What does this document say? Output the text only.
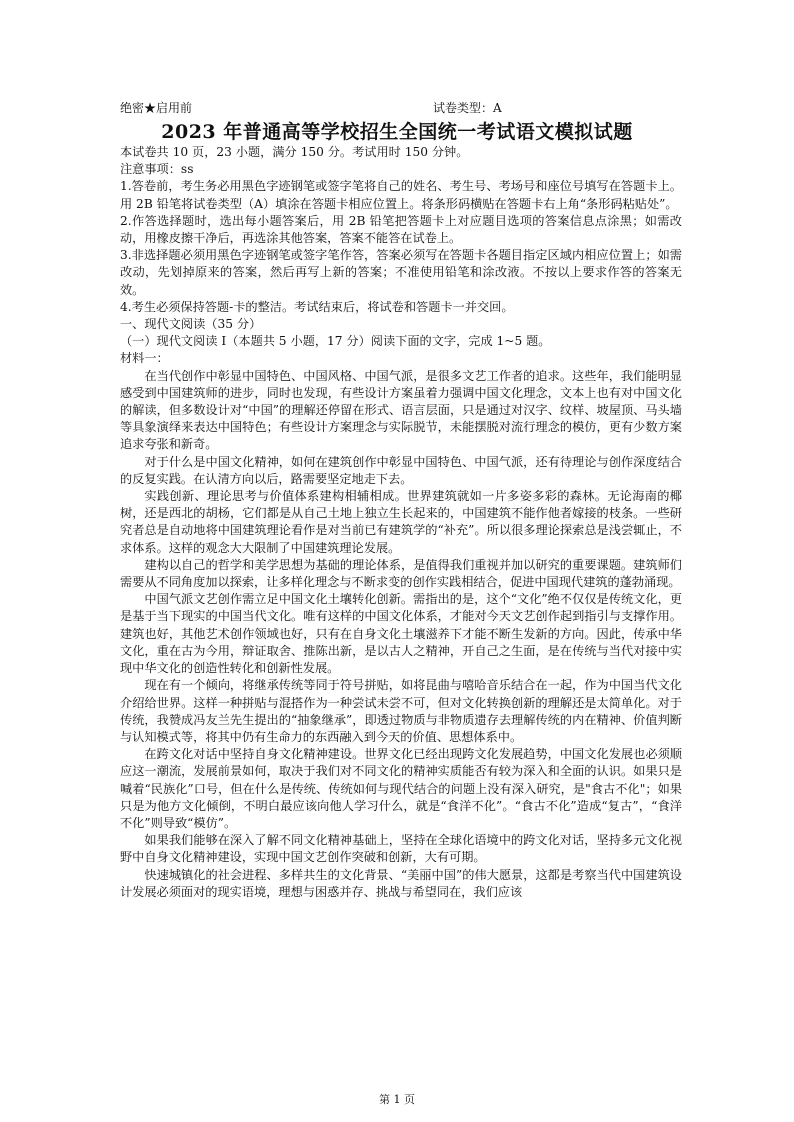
绝密★启用前	试卷类型：A
2023 年普通高等学校招生全国统一考试语文模拟试题

本试卷共 10 页，23 小题，满分 150 分。考试用时 150 分钟。

注意事项：ss

1.答卷前，考生务必用黑色字迹钢笔或签字笔将自己的姓名、考生号、考场号和座位号填写在答题卡上。用 2B 铅笔将试卷类型（A）填涂在答题卡相应位置上。将条形码横贴在答题卡右上角“条形码粘贴处”。

2.作答选择题时，选出每小题答案后，用 2B 铅笔把答题卡上对应题目选项的答案信息点涂黑；如需改动，用橡皮擦干净后，再选涂其他答案，答案不能答在试卷上。

3.非选择题必须用黑色字迹钢笔或签字笔作答，答案必须写在答题卡各题目指定区域内相应位置上；如需改动，先划掉原来的答案，然后再写上新的答案；不准使用铅笔和涂改液。不按以上要求作答的答案无效。

4.考生必须保持答题-卡的整洁。考试结束后，将试卷和答题卡一并交回。

一、现代文阅读（35 分）

（一）现代文阅读 I（本题共 5 小题，17 分）阅读下面的文字，完成 1~5 题。

材料一：

在当代创作中彰显中国特色、中国风格、中国气派，是很多文艺工作者的追求。这些年，我们能明显感受到中国建筑师的进步，同时也发现，有些设计方案虽着力强调中国文化理念，文本上也有对中国文化的解读，但多数设计对“中国”的理解还停留在形式、语言层面，只是通过对汉字、纹样、坡屋顶、马头墙等具象演绎来表达中国特色；有些设计方案理念与实际脱节，未能摆脱对流行理念的模仿，更有少数方案追求夸张和新奇。

对于什么是中国文化精神，如何在建筑创作中彰显中国特色、中国气派，还有待理论与创作深度结合的反复实践。在认清方向以后，路需要坚定地走下去。

实践创新、理论思考与价值体系建构相辅相成。世界建筑就如一片多姿多彩的森林。无论海南的椰树，还是西北的胡杨，它们都是从自己土地上独立生长起来的，中国建筑不能作他者嫁接的枝条。一些研究者总是自动地将中国建筑理论看作是对当前已有建筑学的“补充”。所以很多理论探索总是浅尝辄止，不求体系。这样的观念大大限制了中国建筑理论发展。

建构以自己的哲学和美学思想为基础的理论体系，是值得我们重视并加以研究的重要课题。建筑师们需要从不同角度加以探索，让多样化理念与不断求变的创作实践相结合，促进中国现代建筑的蓬勃涌现。

中国气派文艺创作需立足中国文化土壤转化创新。需指出的是，这个“文化”绝不仅仅是传统文化，更是基于当下现实的中国当代文化。唯有这样的中国文化体系，才能对今天文艺创作起到指引与支撑作用。建筑也好，其他艺术创作领域也好，只有在自身文化土壤滋养下才能不断生发新的方向。因此，传承中华文化，重在古为今用，辩证取舍、推陈出新，是以古人之精神，开自己之生面，是在传统与当代对接中实现中华文化的创造性转化和创新性发展。

现在有一个倾向，将继承传统等同于符号拼贴，如将昆曲与嘻哈音乐结合在一起，作为中国当代文化介绍给世界。这样一种拼贴与混搭作为一种尝试未尝不可，但对文化转换创新的理解还是太简单化。对于传统，我赞成冯友兰先生提出的“抽象继承”，即透过物质与非物质遗存去理解传统的内在精神、价值判断与认知模式等，将其中仍有生命力的东西融入到今天的价值、思想体系中。

在跨文化对话中坚持自身文化精神建设。世界文化已经出现跨文化发展趋势，中国文化发展也必须顺应这一潮流，发展前景如何，取决于我们对不同文化的精神实质能否有较为深入和全面的认识。如果只是喊着“民族化”口号，但在什么是传统、传统如何与现代结合的问题上没有深入研究，是"食古不化"；如果只是为他方文化倾倒，不明白最应该向他人学习什么，就是“食洋不化”。“食古不化”造成“复古”，“食洋不化”则导致“模仿”。

如果我们能够在深入了解不同文化精神基础上，坚持在全球化语境中的跨文化对话，坚持多元文化视野中自身文化精神建设，实现中国文艺创作突破和创新，大有可期。

快速城镇化的社会进程、多样共生的文化背景、“美丽中国”的伟大愿景，这都是考察当代中国建筑设计发展必须面对的现实语境，理想与困惑并存、挑战与希望同在，我们应该

第 1 页
